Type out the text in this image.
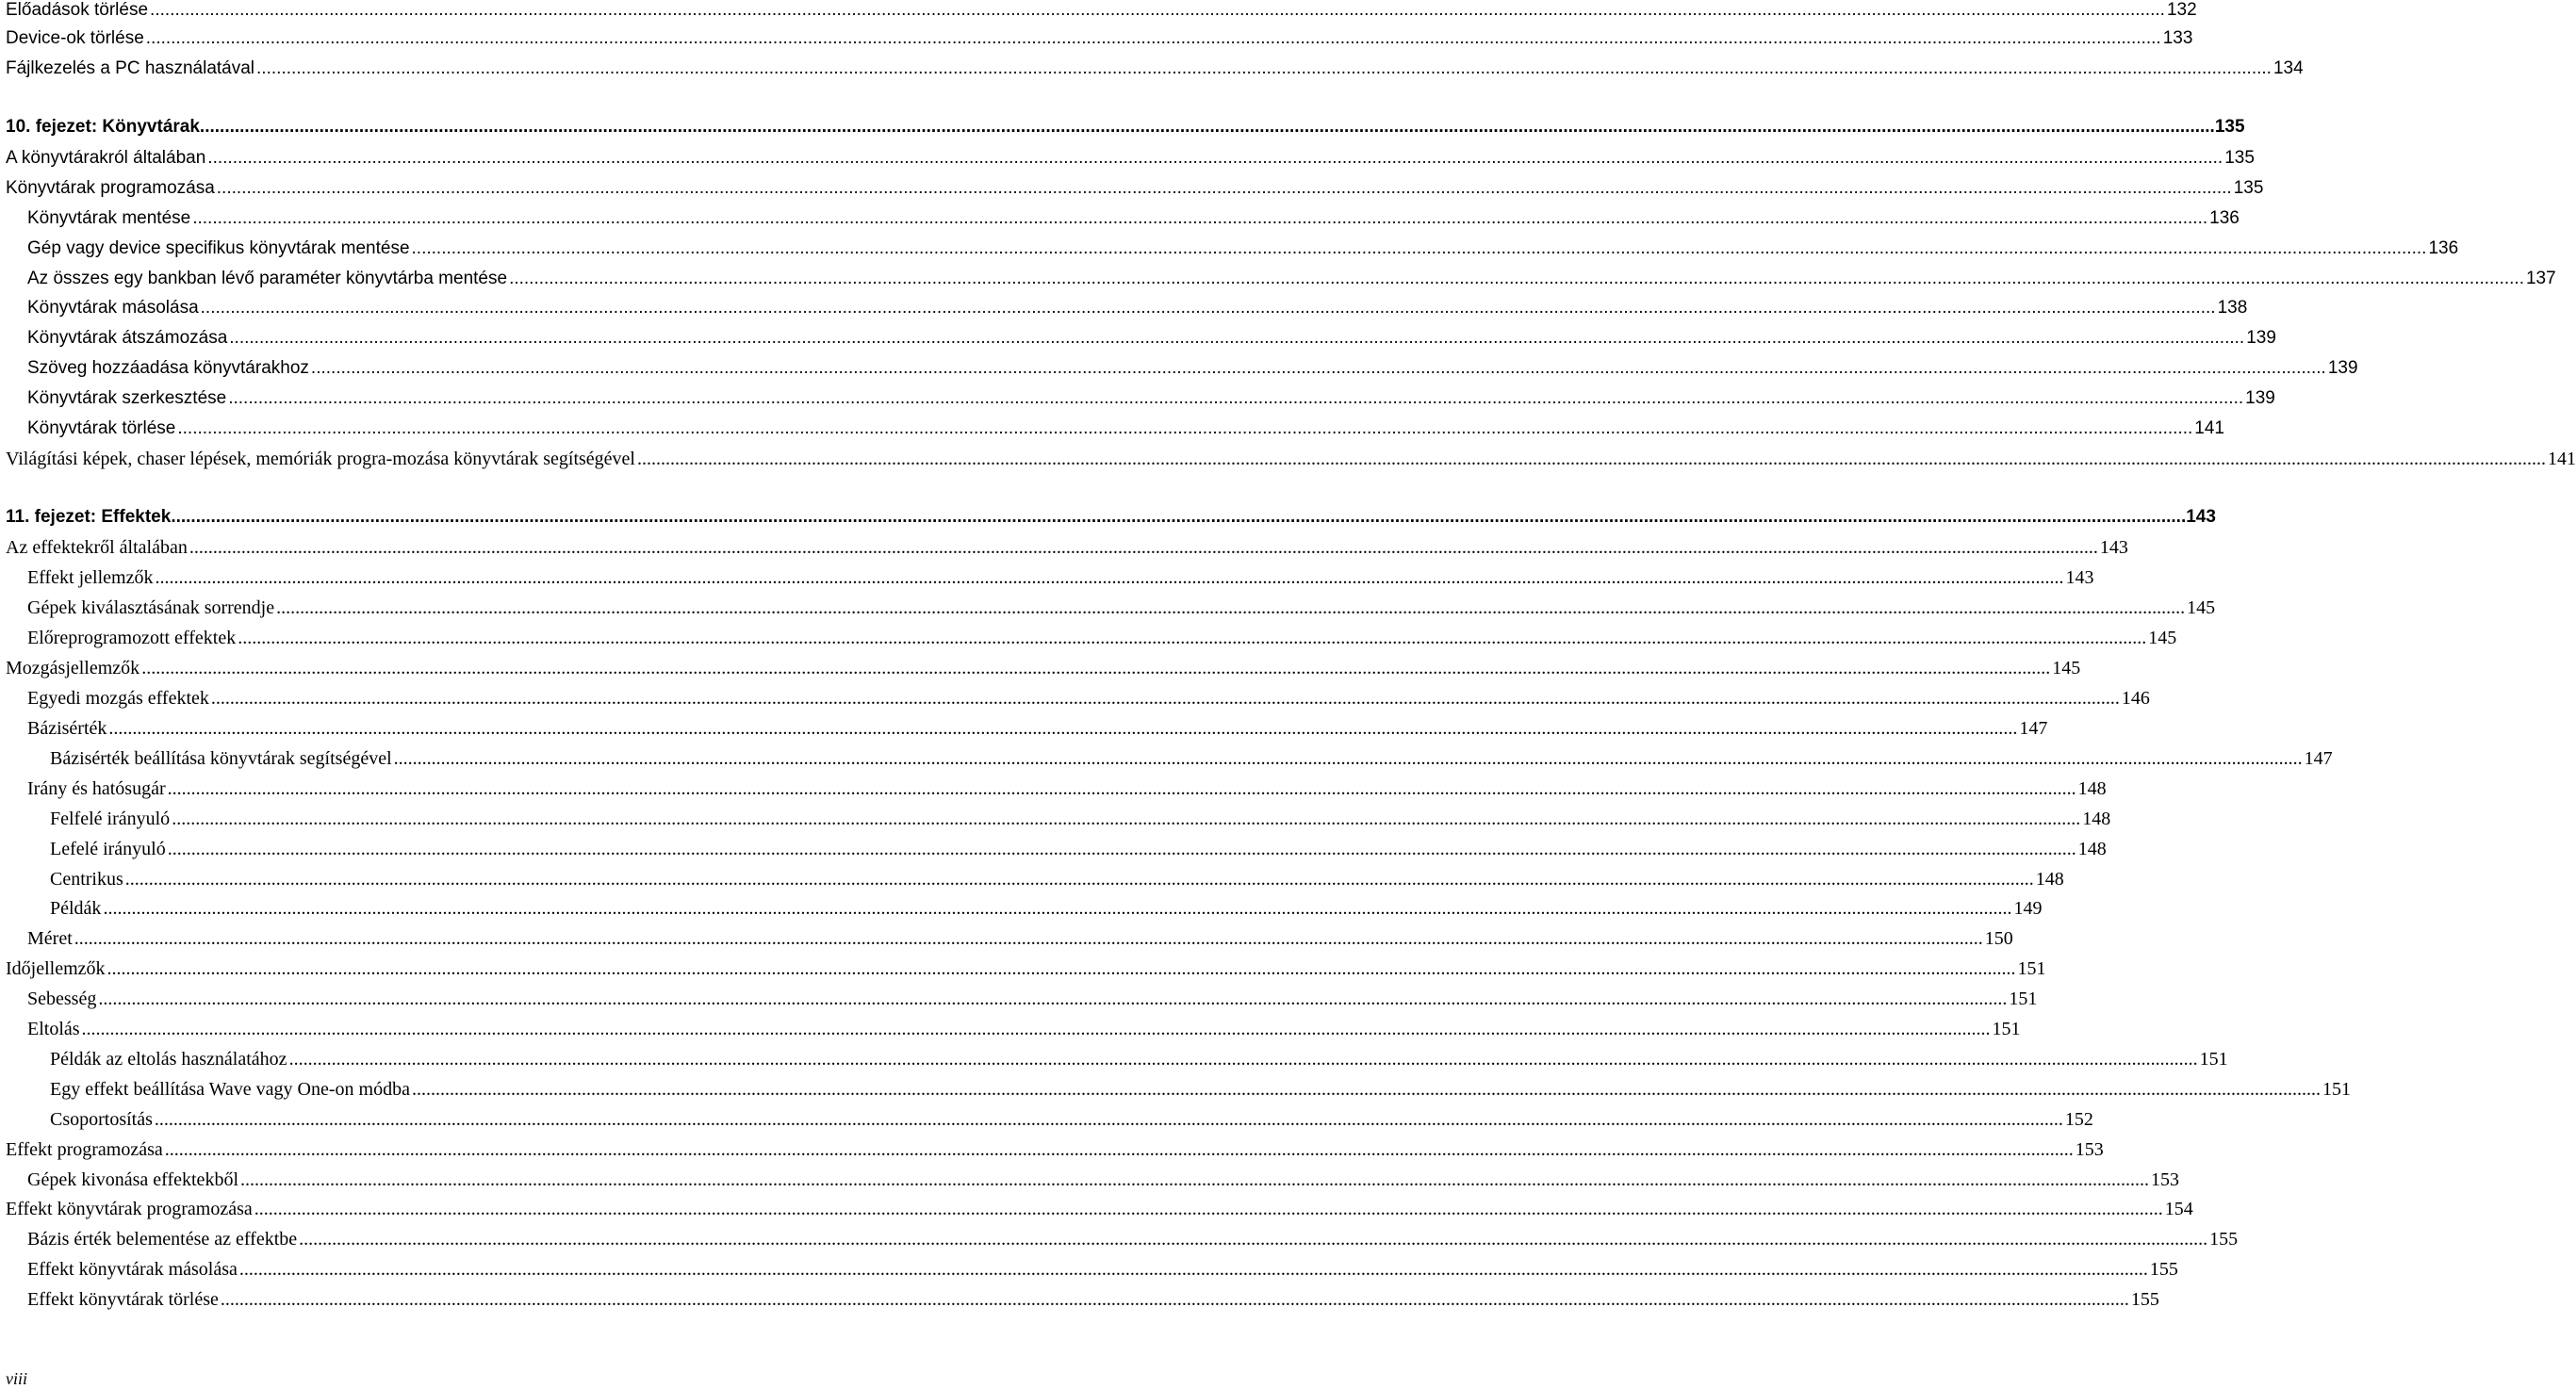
Előadások törlése .....	132
Device-ok törlése .....	133
Fájlkezelés a PC használatával .....	134
10. fejezet: Könyvtárak .....	135
A könyvtárakról általában .....	135
Könyvtárak programozása .....	135
Könyvtárak mentése .....	136
Gép vagy device specifikus könyvtárak mentése .....	136
Az összes egy bankban lévő paraméter könyvtárba mentése .....	137
Könyvtárak másolása .....	138
Könyvtárak átszámozása .....	139
Szöveg hozzáadása könyvtárakhoz .....	139
Könyvtárak szerkesztése .....	139
Könyvtárak törlése .....	141
Világítási képek, chaser lépések, memóriák progra-mozása könyvtárak segítségével .....	141
11. fejezet: Effektek .....	143
Az effektekről általában .....	143
Effekt jellemzők .....	143
Gépek kiválasztásának sorrendje .....	145
Előreprogramozott effektek .....	145
Mozgásjellemzők .....	145
Egyedi mozgás effektek .....	146
Bázisérték .....	147
Bázisérték beállítása könyvtárak segítségével .....	147
Irány és hatósugár .....	148
Felfelé irányuló .....	148
Lefelé irányuló .....	148
Centrikus .....	148
Példák .....	149
Méret .....	150
Időjellemzők .....	151
Sebesség .....	151
Eltolás .....	151
Példák az eltolás használatához .....	151
Egy effekt beállítása Wave vagy One-on módba .....	151
Csoportosítás .....	152
Effekt programozása .....	153
Gépek kivonása effektekből .....	153
Effekt könyvtárak programozása .....	154
Bázis érték belementése az effektbe .....	155
Effekt könyvtárak másolása .....	155
Effekt könyvtárak törlése .....	155
viii
